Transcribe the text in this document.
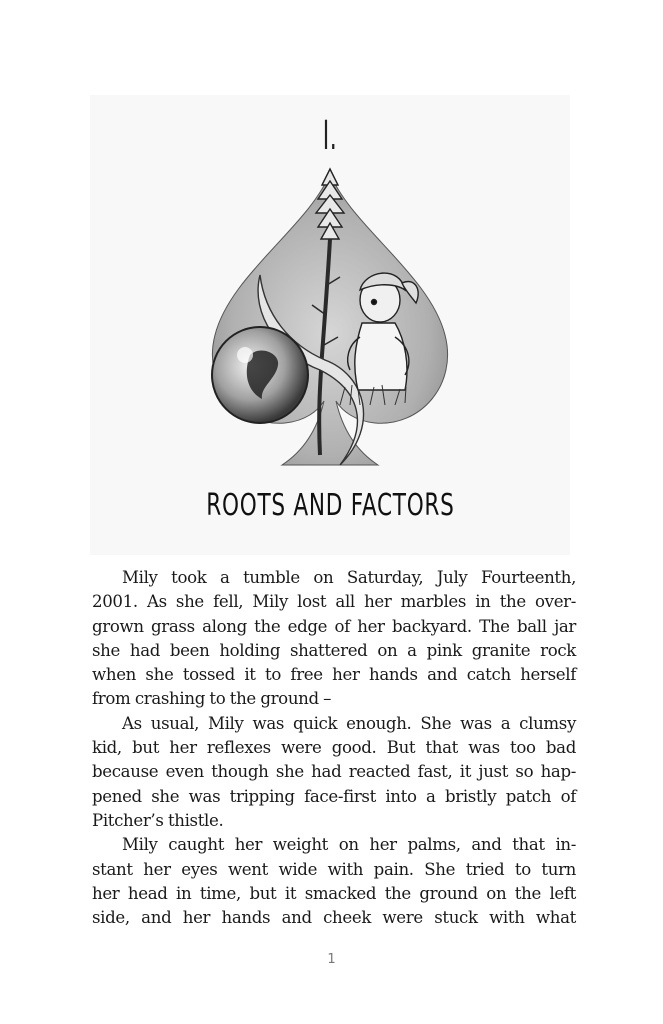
I.
ROOTS AND FACTORS
Mily took a tumble on Saturday, July Fourteenth,
2001. As she fell, Mily lost all her marbles in the over-
grown grass along the edge of her backyard. The ball jar
she had been holding shattered on a pink granite rock
when she tossed it to free her hands and catch herself
from crashing to the ground –
As usual, Mily was quick enough. She was a clumsy
kid, but her reflexes were good. But that was too bad
because even though she had reacted fast, it just so hap-
pened she was tripping face-first into a bristly patch of
Pitcher’s thistle.
Mily caught her weight on her palms, and that in-
stant her eyes went wide with pain. She tried to turn
her head in time, but it smacked the ground on the left
side, and her hands and cheek were stuck with what
1
